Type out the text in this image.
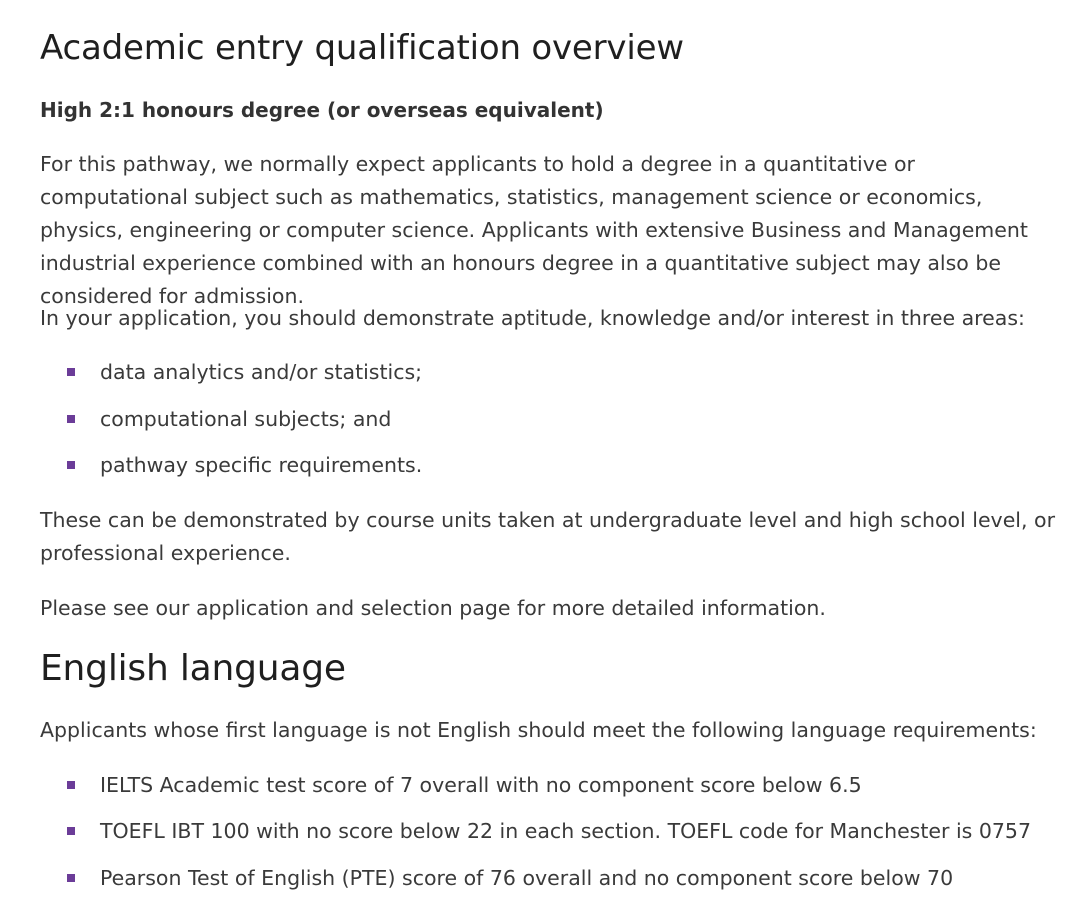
Academic entry qualification overview
High 2:1 honours degree (or overseas equivalent)

For this pathway, we normally expect applicants to hold a degree in a quantitative or computational subject such as mathematics, statistics, management science or economics, physics, engineering or computer science. Applicants with extensive Business and Management industrial experience combined with an honours degree in a quantitative subject may also be considered for admission.

In your application, you should demonstrate aptitude, knowledge and/or interest in three areas:

data analytics and/or statistics;
computational subjects; and
pathway specific requirements.

These can be demonstrated by course units taken at undergraduate level and high school level, or professional experience.

Please see our application and selection page for more detailed information.

English language

Applicants whose first language is not English should meet the following language requirements:

IELTS Academic test score of 7 overall with no component score below 6.5
TOEFL IBT 100 with no score below 22 in each section. TOEFL code for Manchester is 0757
Pearson Test of English (PTE) score of 76 overall and no component score below 70
